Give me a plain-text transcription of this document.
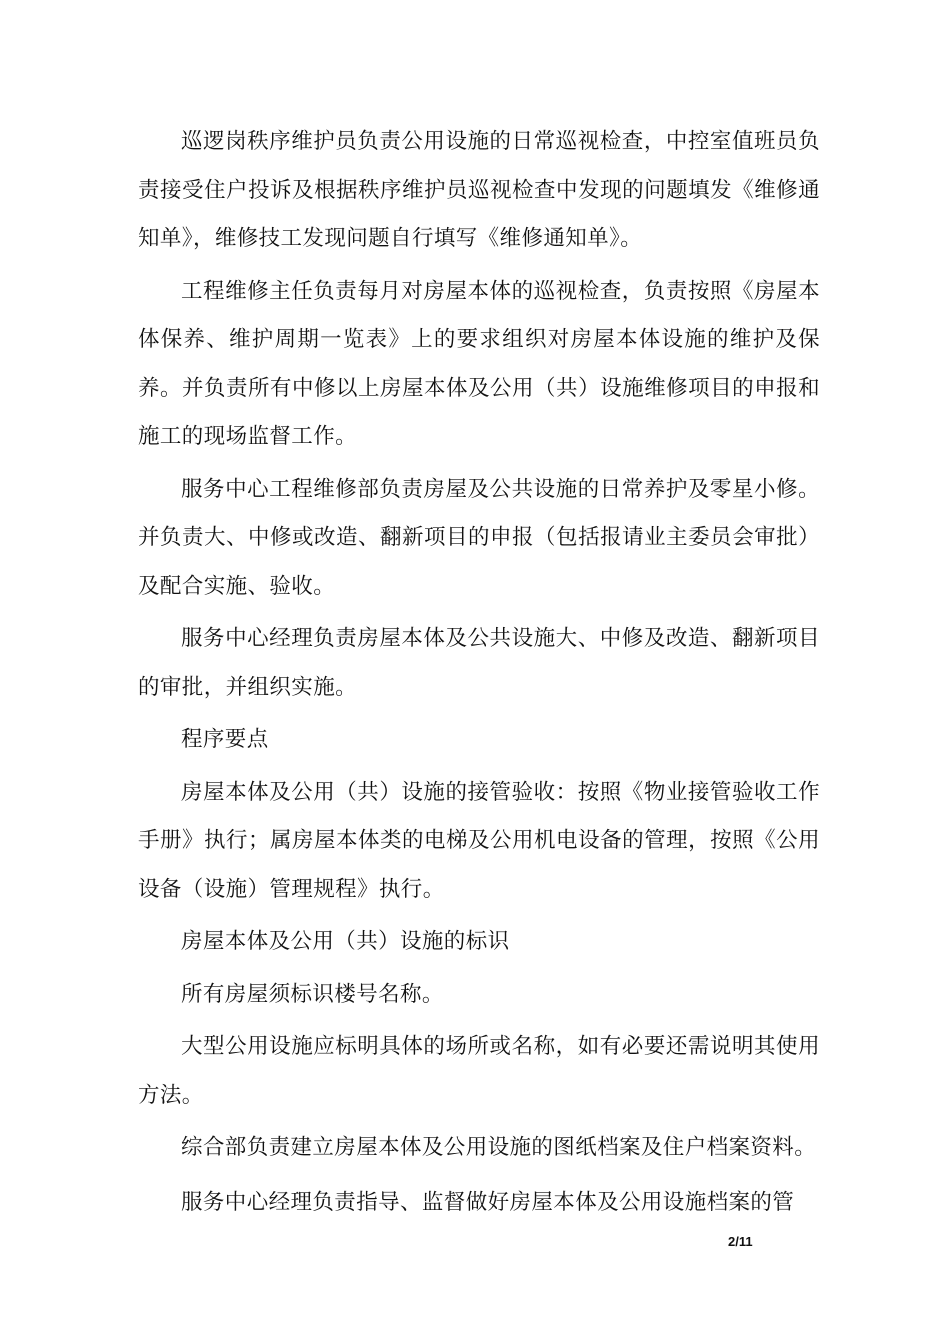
巡逻岗秩序维护员负责公用设施的日常巡视检查，中控室值班员负责接受住户投诉及根据秩序维护员巡视检查中发现的问题填发《维修通知单》，维修技工发现问题自行填写《维修通知单》。

工程维修主任负责每月对房屋本体的巡视检查，负责按照《房屋本体保养、维护周期一览表》上的要求组织对房屋本体设施的维护及保养。并负责所有中修以上房屋本体及公用（共）设施维修项目的申报和施工的现场监督工作。

服务中心工程维修部负责房屋及公共设施的日常养护及零星小修。并负责大、中修或改造、翻新项目的申报（包括报请业主委员会审批）及配合实施、验收。

服务中心经理负责房屋本体及公共设施大、中修及改造、翻新项目的审批，并组织实施。

程序要点

房屋本体及公用（共）设施的接管验收：按照《物业接管验收工作手册》执行；属房屋本体类的电梯及公用机电设备的管理，按照《公用设备（设施）管理规程》执行。

房屋本体及公用（共）设施的标识

所有房屋须标识楼号名称。

大型公用设施应标明具体的场所或名称，如有必要还需说明其使用方法。

综合部负责建立房屋本体及公用设施的图纸档案及住户档案资料。

服务中心经理负责指导、监督做好房屋本体及公用设施档案的管

2/11
